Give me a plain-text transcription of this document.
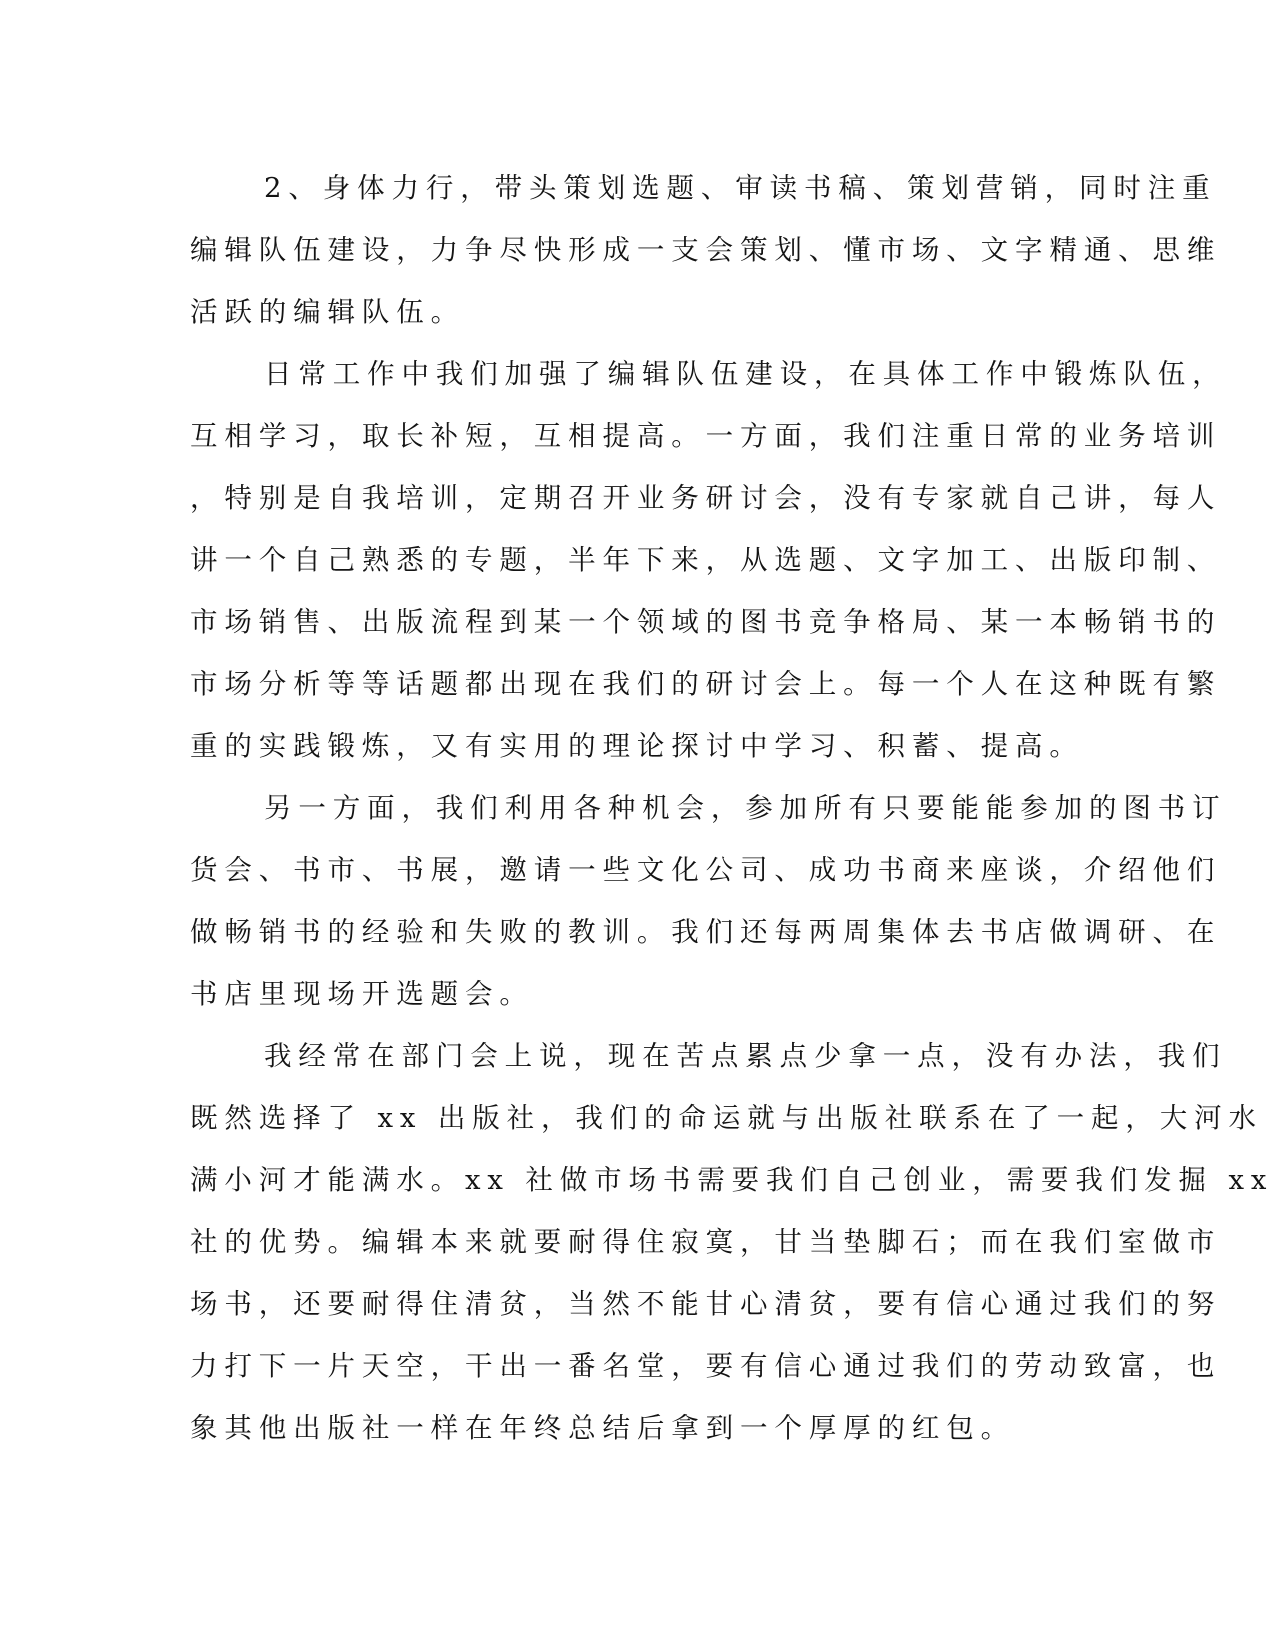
2、身体力行，带头策划选题、审读书稿、策划营销，同时注重
编辑队伍建设，力争尽快形成一支会策划、懂市场、文字精通、思维
活跃的编辑队伍。
日常工作中我们加强了编辑队伍建设，在具体工作中锻炼队伍，
互相学习，取长补短，互相提高。一方面，我们注重日常的业务培训
，特别是自我培训，定期召开业务研讨会，没有专家就自己讲，每人
讲一个自己熟悉的专题，半年下来，从选题、文字加工、出版印制、
市场销售、出版流程到某一个领域的图书竞争格局、某一本畅销书的
市场分析等等话题都出现在我们的研讨会上。每一个人在这种既有繁
重的实践锻炼，又有实用的理论探讨中学习、积蓄、提高。
另一方面，我们利用各种机会，参加所有只要能能参加的图书订
货会、书市、书展，邀请一些文化公司、成功书商来座谈，介绍他们
做畅销书的经验和失败的教训。我们还每两周集体去书店做调研、在
书店里现场开选题会。
我经常在部门会上说，现在苦点累点少拿一点，没有办法，我们
既然选择了 xx 出版社，我们的命运就与出版社联系在了一起，大河水
满小河才能满水。xx 社做市场书需要我们自己创业，需要我们发掘 xx
社的优势。编辑本来就要耐得住寂寞，甘当垫脚石；而在我们室做市
场书，还要耐得住清贫，当然不能甘心清贫，要有信心通过我们的努
力打下一片天空，干出一番名堂，要有信心通过我们的劳动致富，也
象其他出版社一样在年终总结后拿到一个厚厚的红包。
